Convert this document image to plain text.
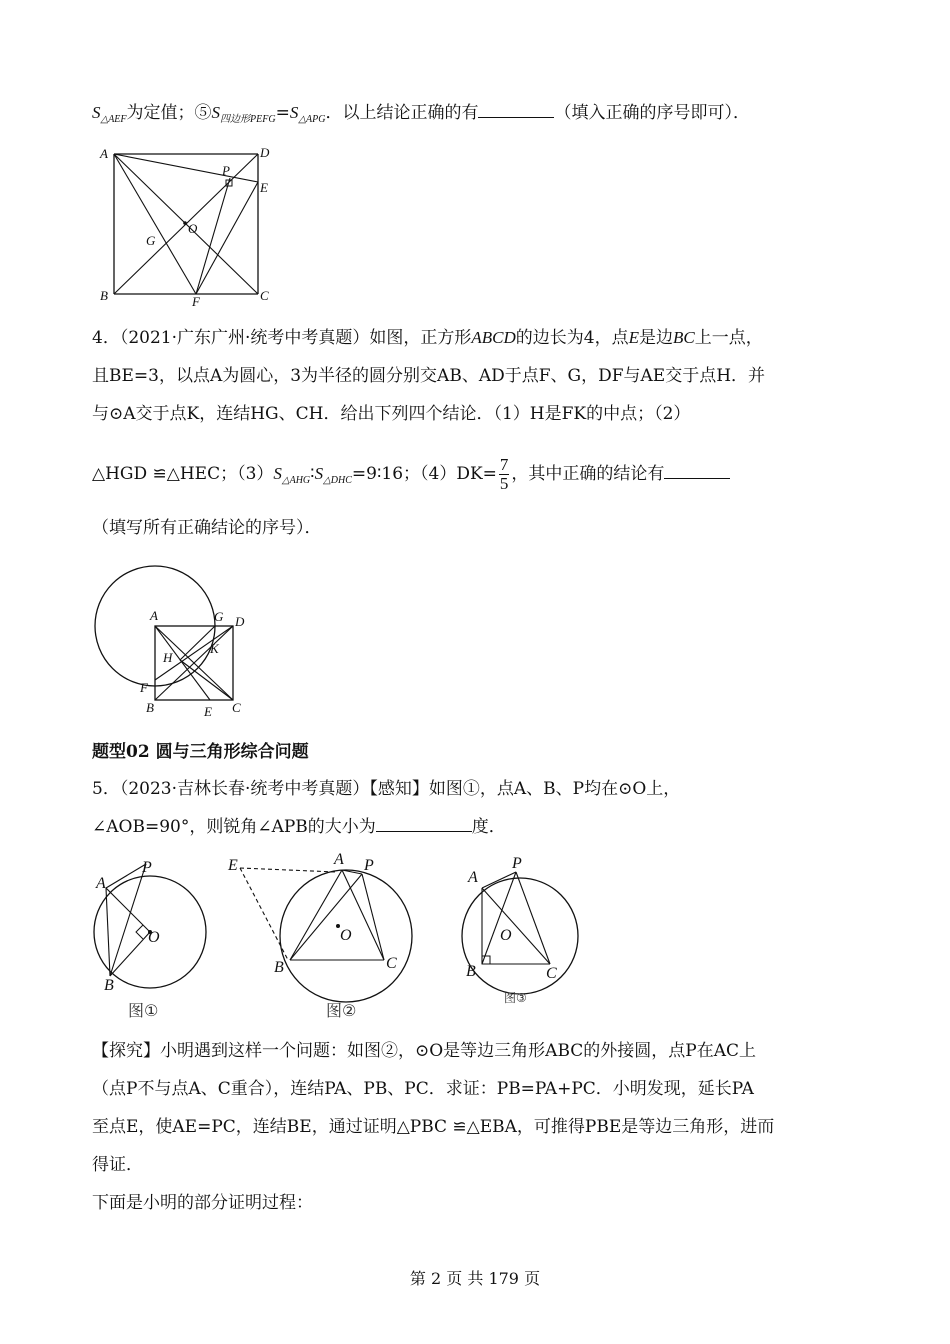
$S_{\triangle AEF}$为定值；$⑤S_{四边形PEFG}=S_{\triangle APG}$．以上结论正确的有	（填入正确的序号即可）．
A	D
E
P
O
G
B	F	C
4．（2021·广东广州·统考中考真题）如图，正方形ABCD的边长为4，点E是边BC上一点，
且BE=3，以点A为圆心，3为半径的圆分别交AB、AD于点F、G，DF与AE交于点H．并
与⊙A交于点K，连结HG、CH．给出下列四个结论．（1）H是FK的中点；（2）
△HGD ≌△HEC；$(3)S_{\triangle AHG}∶S_{\triangle DHC}=9∶16$；$(4)DK= \frac{7}{5}$ ，其中正确的结论有
（填写所有正确结论的序号）．
A	G D
H
K
F
B	E C
题型02 圆与三角形综合问题
5．（2023·吉林长春·统考中考真题）【感知】如图①，点A、B、P均在⊙O上，
∠AOB=90°，则锐角∠APB的大小为	度．
A
P
O
B
图①
E	A P
O
B	C
图②
A
P
O
B	C
图③
【探究】小明遇到这样一个问题：如图②，⊙O是等边三角形ABC的外接圆，点P在AC上
（点P不与点A、C重合），连结PA、PB、PC．求证：PB=PA+PC．小明发现，延长PA
至点E，使AE=PC，连结BE，通过证明△PBC ≌△EBA，可推得PBE是等边三角形，进而
得证．
下面是小明的部分证明过程：
第 2 页 共 179 页
